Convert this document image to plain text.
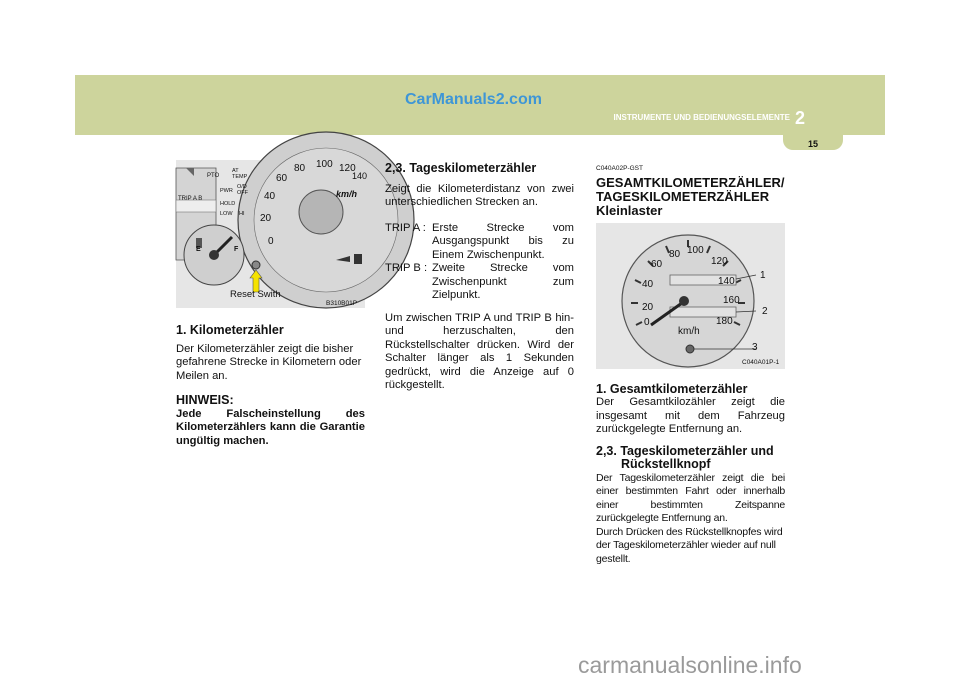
CarManuals2.com
INSTRUMENTE UND BEDIENUNGSELEMENTE 2
15
PTO
AT TEMP
PWR
O/D OFF
HOLD
LOW HI
TRIP A B
0
20
40
60
80 100 120
140
km/h
E	F
Reset Swith
B310B01P
1. Kilometerzähler

Der Kilometerzähler zeigt die bisher gefahrene Strecke in Kilometern oder Meilen an.

HINWEIS:

Jede Falscheinstellung des Kilometerzählers kann die Garantie ungültig machen.

2,3. Tageskilometerzähler

Zeigt die Kilometerdistanz von zwei unterschiedlichen Strecken an.

TRIP A : Erste Strecke vom Ausgangspunkt bis zu Einem Zwischenpunkt.
TRIP B : Zweite Strecke vom Zwischenpunkt zum Zielpunkt.

Um zwischen TRIP A und TRIP B hin- und herzuschalten, den Rückstellschalter drücken. Wird der Schalter länger als 1 Sekunden gedrückt, wird die Anzeige auf 0 rückgestellt.

C040A02P-GST
GESAMTKILOMETERZÄHLER/ TAGESKILOMETERZÄHLER Kleinlaster
0
20
40
60
80 100
120
140
160
180
km/h
1
2
3
C040A01P-1
1. Gesamtkilometerzähler

Der Gesamtkilozähler zeigt die insgesamt mit dem Fahrzeug zurückgelegte Entfernung an.

2,3. Tageskilometerzähler und Rückstellknopf

Der Tageskilometerzähler zeigt die bei einer bestimmten Fahrt oder innerhalb einer bestimmten Zeitspanne zurückgelegte Entfernung an.

Durch Drücken des Rückstellknopfes wird der Tageskilometerzähler wieder auf null gestellt.

carmanualsonline.info
